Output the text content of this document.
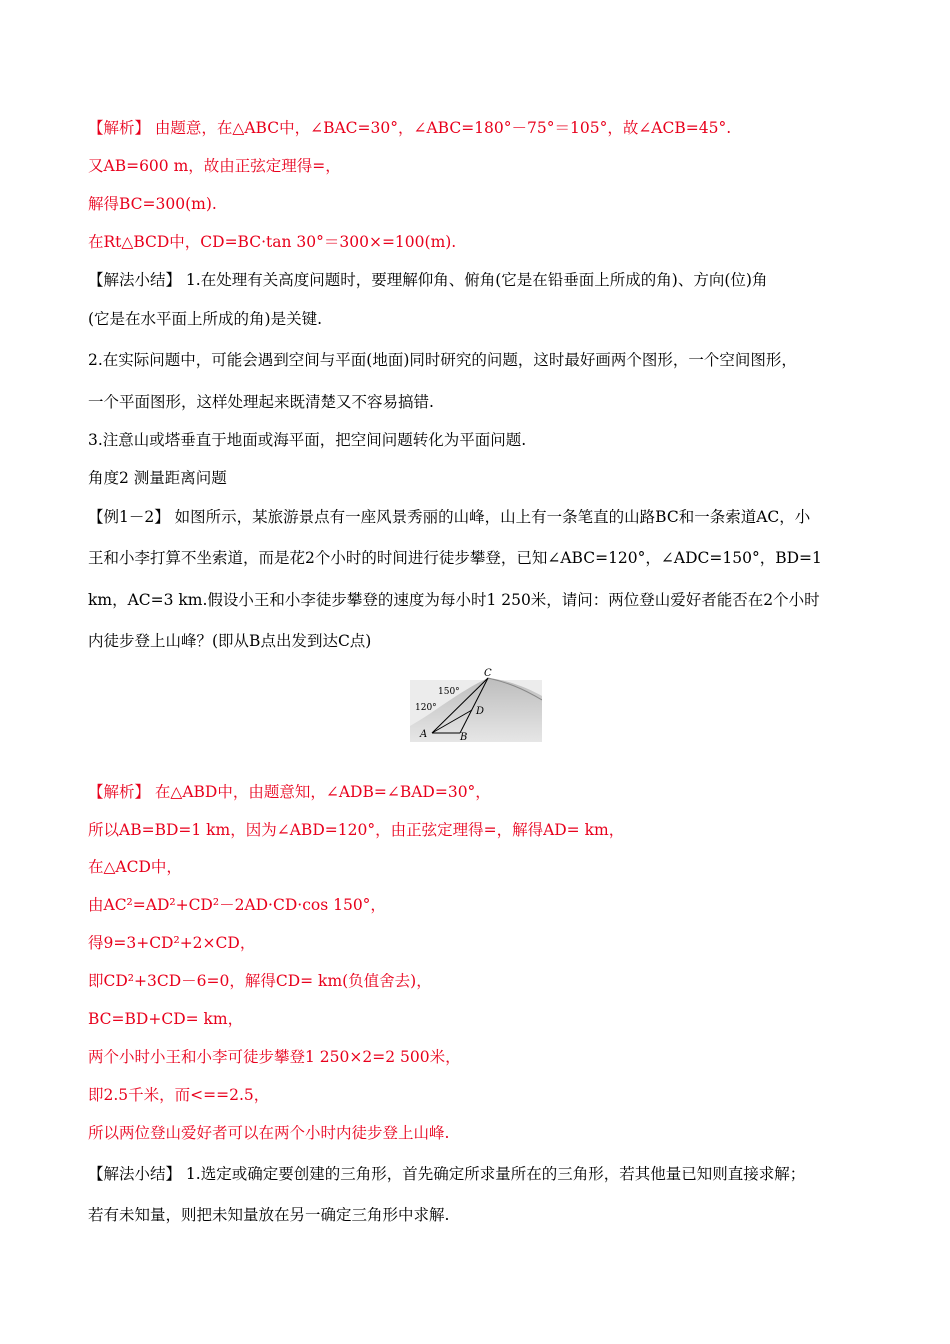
【解析】 由题意，在△ABC中，∠BAC=30°，∠ABC=180°－75°＝105°，故∠ACB=45°.
又AB=600 m，故由正弦定理得=，
解得BC=300(m).
在Rt△BCD中，CD=BC·tan 30°＝300×=100(m).
【解法小结】 1.在处理有关高度问题时，要理解仰角、俯角(它是在铅垂面上所成的角)、方向(位)角
(它是在水平面上所成的角)是关键.
2.在实际问题中，可能会遇到空间与平面(地面)同时研究的问题，这时最好画两个图形，一个空间图形，
一个平面图形，这样处理起来既清楚又不容易搞错.
3.注意山或塔垂直于地面或海平面，把空间问题转化为平面问题.
角度2 测量距离问题
【例1－2】 如图所示，某旅游景点有一座风景秀丽的山峰，山上有一条笔直的山路BC和一条索道AC，小
王和小李打算不坐索道，而是花2个小时的时间进行徒步攀登，已知∠ABC=120°，∠ADC=150°，BD=1
km，AC=3 km.假设小王和小李徒步攀登的速度为每小时1 250米，请问：两位登山爱好者能否在2个小时
内徒步登上山峰？(即从B点出发到达C点)
C
D
A	B
150°
120°
【解析】 在△ABD中，由题意知，∠ADB=∠BAD=30°，
所以AB=BD=1 km，因为∠ABD=120°，由正弦定理得=，解得AD= km，
在△ACD中，
由AC²=AD²+CD²－2AD·CD·cos 150°，
得9=3+CD²+2×CD，
即CD²+3CD－6=0，解得CD= km(负值舍去)，
BC=BD+CD= km，
两个小时小王和小李可徒步攀登1 250×2=2 500米，
即2.5千米，而<==2.5，
所以两位登山爱好者可以在两个小时内徒步登上山峰.
【解法小结】 1.选定或确定要创建的三角形，首先确定所求量所在的三角形，若其他量已知则直接求解；
若有未知量，则把未知量放在另一确定三角形中求解.
